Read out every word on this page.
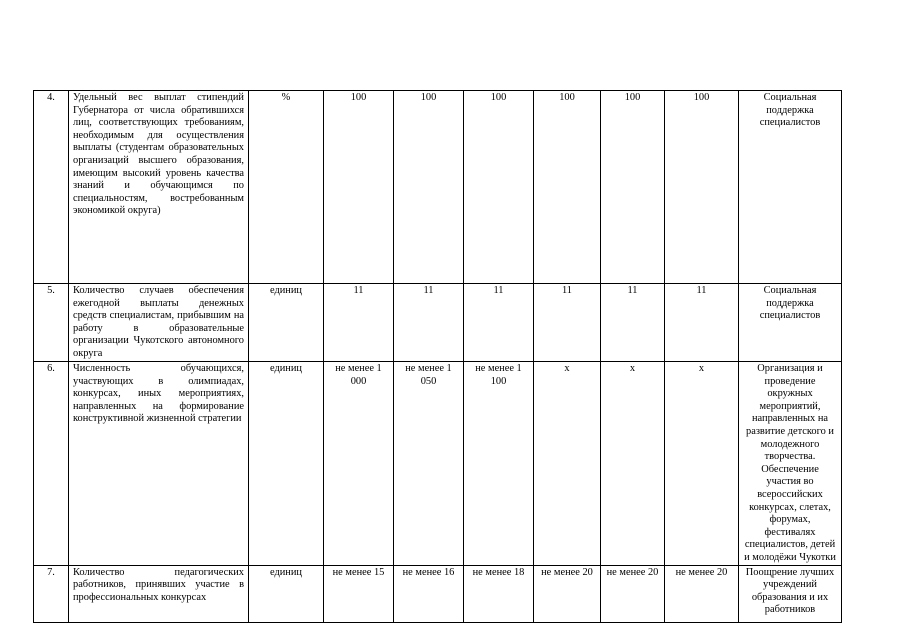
4.	Удельный вес выплат стипендий Губернатора от числа обратившихся лиц, соответствующих требованиям, необходимым для осуществления выплаты (студентам образовательных организаций высшего образования, имеющим высокий уровень качества знаний и обучающимся по специальностям, востребованным экономикой округа)	%	100	100	100	100	100	100	Социальная поддержка специалистов
5.	Количество случаев обеспечения ежегодной выплаты денежных средств специалистам, прибывшим на работу в образовательные организации Чукотского автономного округа	единиц	11	11	11	11	11	11	Социальная поддержка специалистов
6.	Численность обучающихся, участвующих в олимпиадах, конкурсах, иных мероприятиях, направленных на формирование конструктивной жизненной стратегии	единиц	не менее 1 000	не менее 1 050	не менее 1 100	х	х	х	Организация и проведение окружных мероприятий, направленных на развитие детского и молодежного творчества. Обеспечение участия во всероссийских конкурсах, слетах, форумах, фестивалях специалистов, детей и молодёжи Чукотки
7.	Количество педагогических работников, принявших участие в профессиональных конкурсах	единиц	не менее 15	не менее 16	не менее 18	не менее 20	не менее 20	не менее 20	Поощрение лучших учреждений образования и их работников
